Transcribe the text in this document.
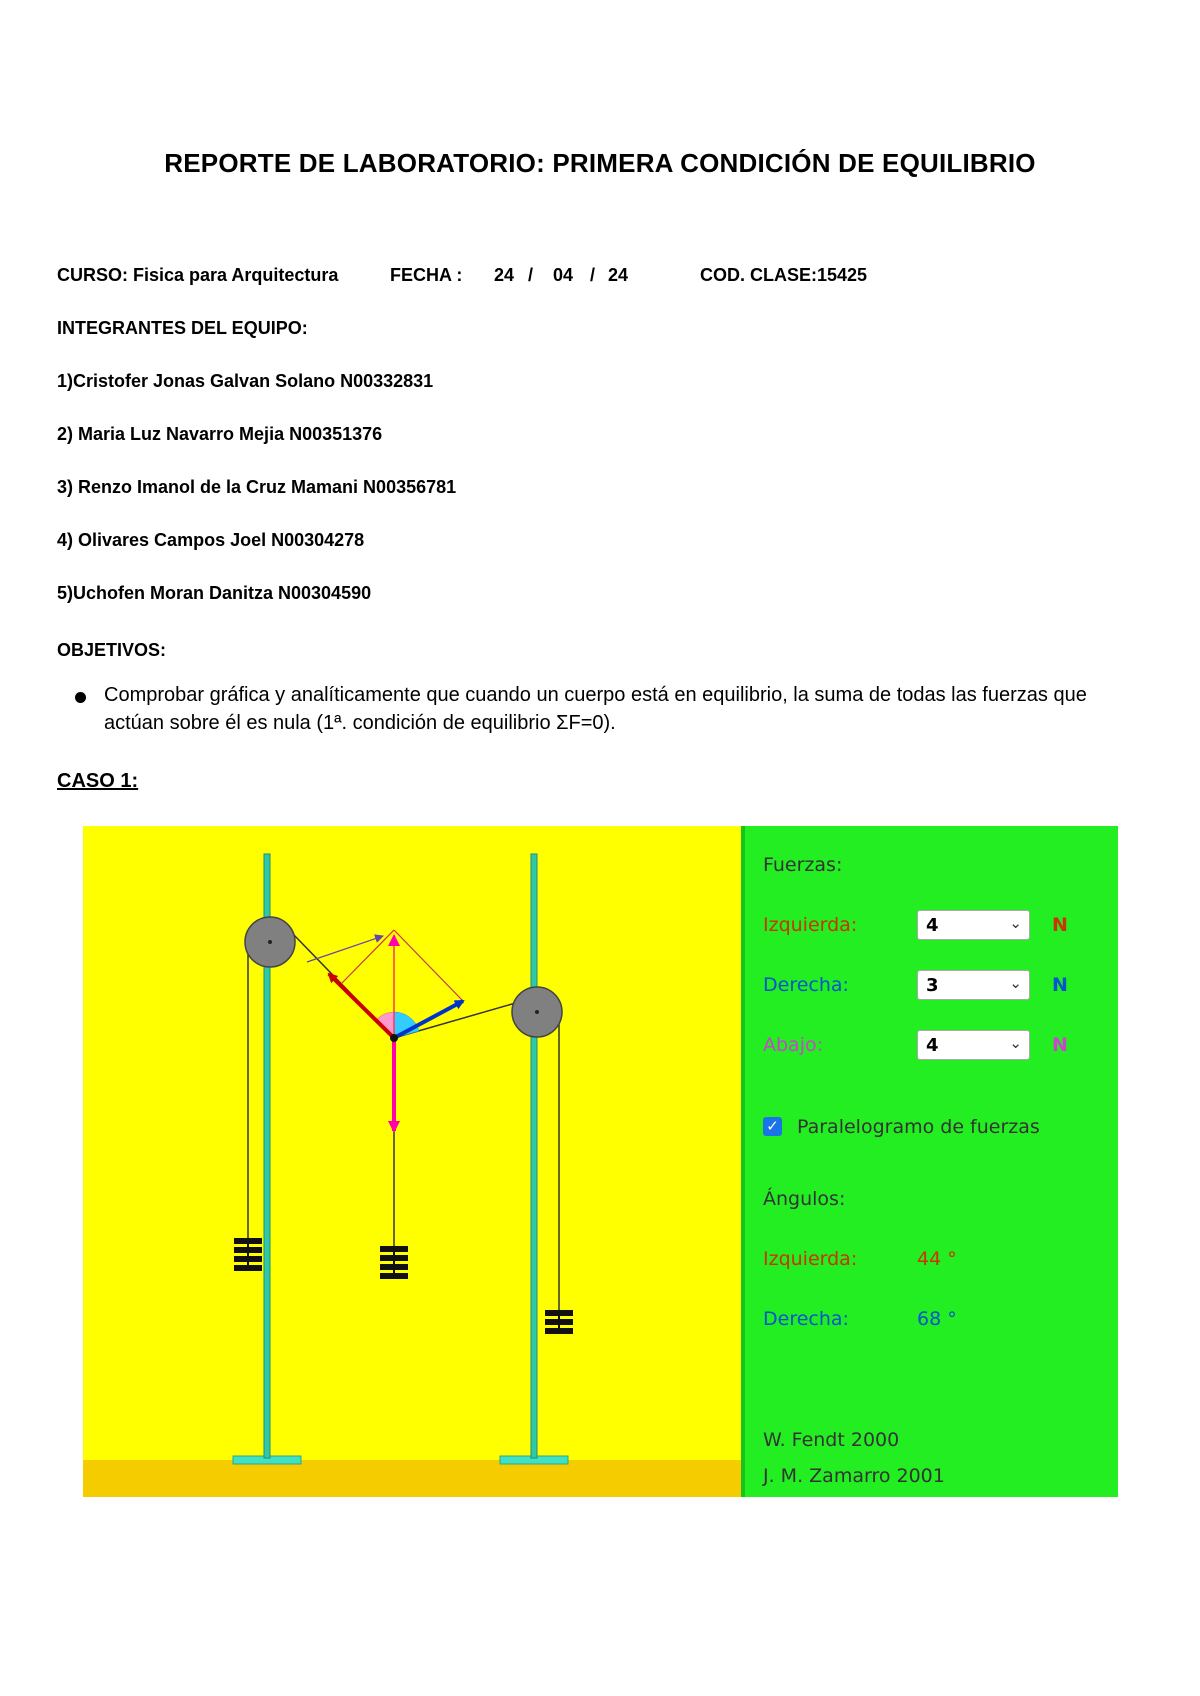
REPORTE DE LABORATORIO: PRIMERA CONDICIÓN DE EQUILIBRIO

CURSO: Fisica para Arquitectura

	FECHA :

24

/

04

/

24

	COD. CLASE:15425

INTEGRANTES DEL EQUIPO:
1)Cristofer Jonas Galvan Solano N00332831
2) Maria Luz Navarro Mejia N00351376
3) Renzo Imanol de la Cruz Mamani N00356781
4) Olivares Campos Joel N00304278
5)Uchofen Moran Danitza N00304590
OBJETIVOS:
Comprobar gráfica y analíticamente que cuando un cuerpo está en equilibrio, la suma de todas las fuerzas que actúan sobre él es nula (1ª. condición de equilibrio ΣF=0).
CASO 1:
Fuerzas:
Izquierda:	4	⌄ N
Derecha:	3	⌄ N
Abajo:	4	⌄ N
✓ Paralelogramo de fuerzas
Ángulos:
Izquierda:	44 °
Derecha:	68 °
W. Fendt 2000
J. M. Zamarro 2001
